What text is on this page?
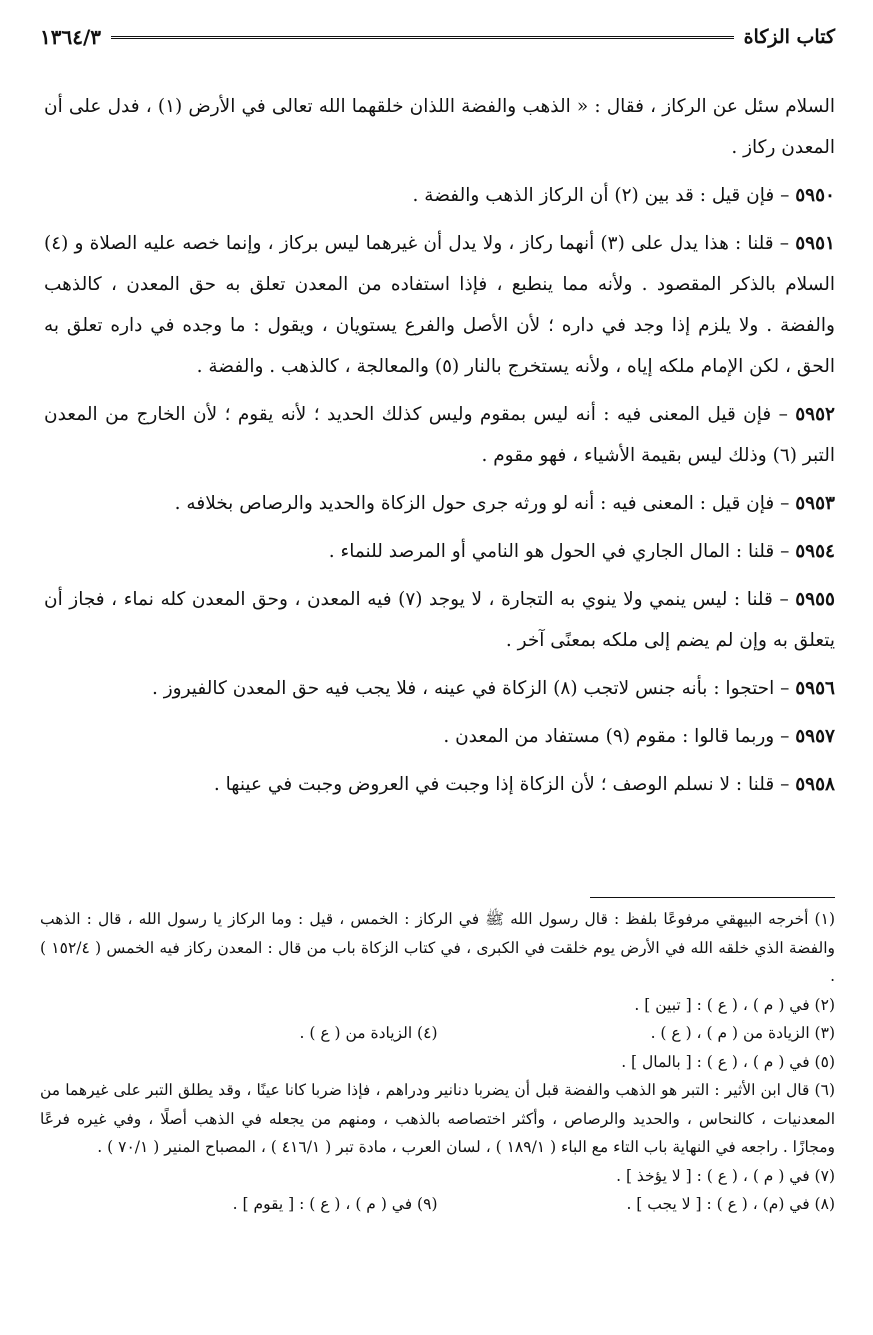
كتاب الزكاة
١٣٦٤/٣

السلام سئل عن الركاز ، فقال : « الذهب والفضة اللذان خلقهما الله تعالى في الأرض (١) ، فدل على أن المعدن ركاز .

٥٩٥٠ – فإن قيل : قد بين (٢) أن الركاز الذهب والفضة .

٥٩٥١ – قلنا : هذا يدل على (٣) أنهما ركاز ، ولا يدل أن غيرهما ليس بركاز ، وإنما خصه عليه الصلاة و (٤) السلام بالذكر المقصود . ولأنه مما ينطبع ، فإذا استفاده من المعدن تعلق به حق المعدن ، كالذهب والفضة . ولا يلزم إذا وجد في داره ؛ لأن الأصل والفرع يستويان ، ويقول : ما وجده في داره تعلق به الحق ، لكن الإمام ملكه إياه ، ولأنه يستخرج بالنار (٥) والمعالجة ، كالذهب . والفضة .

٥٩٥٢ – فإن قيل المعنى فيه : أنه ليس بمقوم وليس كذلك الحديد ؛ لأنه يقوم ؛ لأن الخارج من المعدن التبر (٦) وذلك ليس بقيمة الأشياء ، فهو مقوم .

٥٩٥٣ – فإن قيل : المعنى فيه : أنه لو ورثه جرى حول الزكاة والحديد والرصاص بخلافه .

٥٩٥٤ – قلنا : المال الجاري في الحول هو النامي أو المرصد للنماء .

٥٩٥٥ – قلنا : ليس ينمي ولا ينوي به التجارة ، لا يوجد (٧) فيه المعدن ، وحق المعدن كله نماء ، فجاز أن يتعلق به وإن لم يضم إلى ملكه بمعنًى آخر .

٥٩٥٦ – احتجوا : بأنه جنس لاتجب (٨) الزكاة في عينه ، فلا يجب فيه حق المعدن كالفيروز .

٥٩٥٧ – وربما قالوا : مقوم (٩) مستفاد من المعدن .

٥٩٥٨ – قلنا : لا نسلم الوصف ؛ لأن الزكاة إذا وجبت في العروض وجبت في عينها .

(١) أخرجه البيهقي مرفوعًا بلفظ : قال رسول الله ﷺ في الركاز : الخمس ، قيل : وما الركاز يا رسول الله ، قال : الذهب والفضة الذي خلقه الله في الأرض يوم خلقت في الكبرى ، في كتاب الزكاة باب من قال : المعدن ركاز فيه الخمس ( ١٥٢/٤ ) .
(٢) في ( م ) ، ( ع ) : [ تبين ] .
(٣) الزيادة من ( م ) ، ( ع ) .
(٤) الزيادة من ( ع ) .
(٥) في ( م ) ، ( ع ) : [ بالمال ] .
(٦) قال ابن الأثير : التبر هو الذهب والفضة قبل أن يضربا دنانير ودراهم ، فإذا ضربا كانا عينًا ، وقد يطلق التبر على غيرهما من المعدنيات ، كالنحاس ، والحديد والرصاص ، وأكثر اختصاصه بالذهب ، ومنهم من يجعله في الذهب أصلًا ، وفي غيره فرعًا ومجازًا . راجعه في النهاية باب التاء مع الباء ( ١٨٩/١ ) ، لسان العرب ، مادة تبر ( ٤١٦/١ ) ، المصباح المنير ( ٧٠/١ ) .
(٧) في ( م ) ، ( ع ) : [ لا يؤخذ ] .
(٨) في (م) ، ( ع ) : [ لا يجب ] .
(٩) في ( م ) ، ( ع ) : [ يقوم ] .
